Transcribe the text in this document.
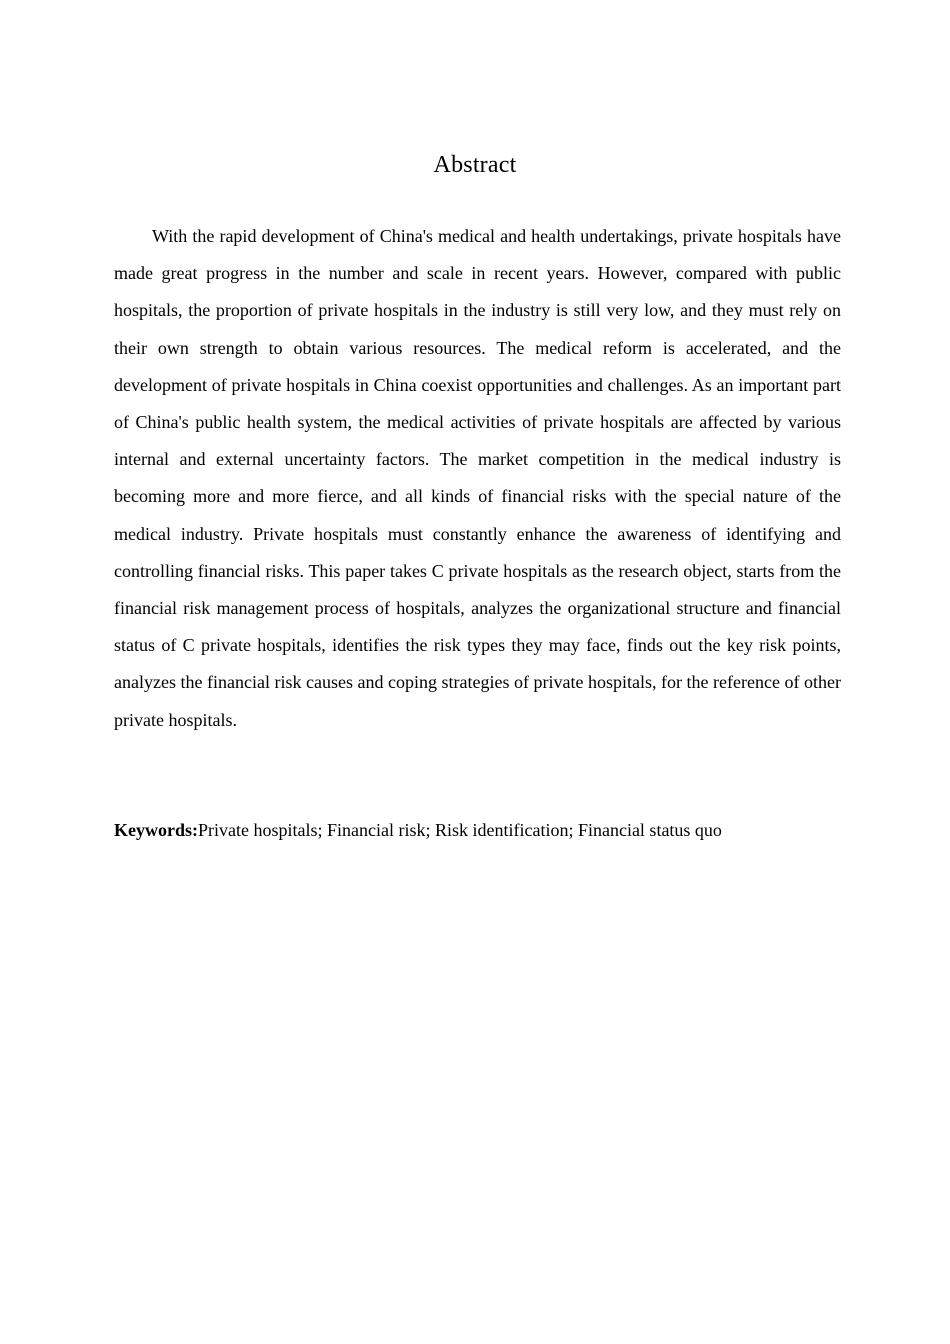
Abstract

With the rapid development of China's medical and health undertakings, private hospitals have made great progress in the number and scale in recent years. However, compared with public hospitals, the proportion of private hospitals in the industry is still very low, and they must rely on their own strength to obtain various resources. The medical reform is accelerated, and the development of private hospitals in China coexist opportunities and challenges. As an important part of China's public health system, the medical activities of private hospitals are affected by various internal and external uncertainty factors. The market competition in the medical industry is becoming more and more fierce, and all kinds of financial risks with the special nature of the medical industry. Private hospitals must constantly enhance the awareness of identifying and controlling financial risks. This paper takes C private hospitals as the research object, starts from the financial risk management process of hospitals, analyzes the organizational structure and financial status of C private hospitals, identifies the risk types they may face, finds out the key risk points, analyzes the financial risk causes and coping strategies of private hospitals, for the reference of other private hospitals.

Keywords:Private hospitals; Financial risk; Risk identification; Financial status quo
